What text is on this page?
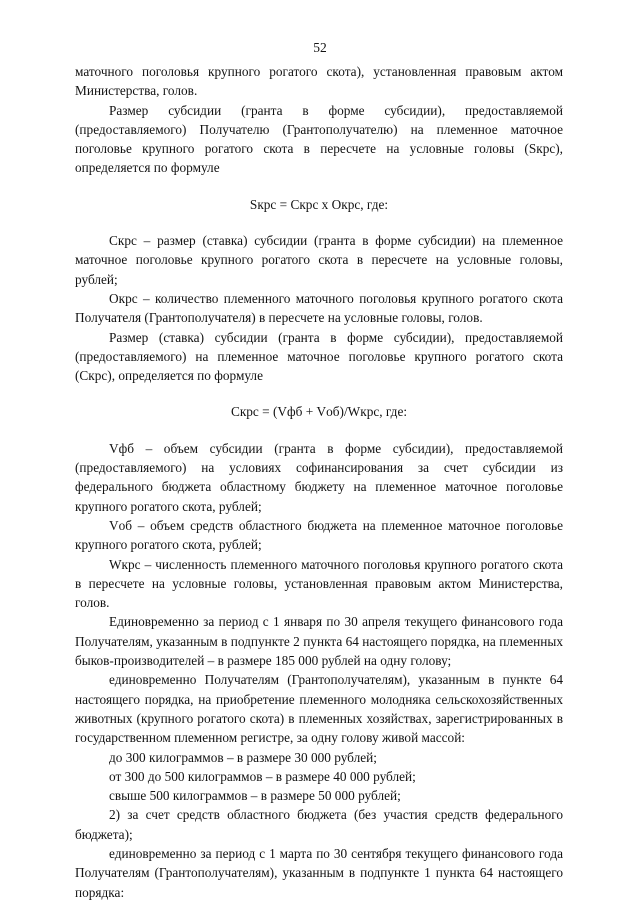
52

маточного поголовья крупного рогатого скота), установленная правовым актом Министерства, голов.

Размер субсидии (гранта в форме субсидии), предоставляемой (предоставляемого) Получателю (Грантополучателю) на племенное маточное поголовье крупного рогатого скота в пересчете на условные головы (Sкрс), определяется по формуле

Sкрс = Скрс х Окрс, где:

Скрс – размер (ставка) субсидии (гранта в форме субсидии) на племенное маточное поголовье крупного рогатого скота в пересчете на условные головы, рублей;

Окрс – количество племенного маточного поголовья крупного рогатого скота Получателя (Грантополучателя) в пересчете на условные головы, голов.

Размер (ставка) субсидии (гранта в форме субсидии), предоставляемой (предоставляемого) на племенное маточное поголовье крупного рогатого скота (Скрс), определяется по формуле

Скрс = (Vфб + Vоб)/Wкрс, где:

Vфб – объем субсидии (гранта в форме субсидии), предоставляемой (предоставляемого) на условиях софинансирования за счет субсидии из федерального бюджета областному бюджету на племенное маточное поголовье крупного рогатого скота, рублей;

Vоб – объем средств областного бюджета на племенное маточное поголовье крупного рогатого скота, рублей;

Wкрс – численность племенного маточного поголовья крупного рогатого скота в пересчете на условные головы, установленная правовым актом Министерства, голов.

Единовременно за период с 1 января по 30 апреля текущего финансового года Получателям, указанным в подпункте 2 пункта 64 настоящего порядка, на племенных быков-производителей – в размере 185 000 рублей на одну голову;

единовременно Получателям (Грантополучателям), указанным в пункте 64 настоящего порядка, на приобретение племенного молодняка сельскохозяйственных животных (крупного рогатого скота) в племенных хозяйствах, зарегистрированных в государственном племенном регистре, за одну голову живой массой:

до 300 килограммов – в размере 30 000 рублей;

от 300 до 500 килограммов – в размере 40 000 рублей;

свыше 500 килограммов – в размере 50 000 рублей;

2) за счет средств областного бюджета (без участия средств федерального бюджета);

единовременно за период с 1 марта по 30 сентября текущего финансового года Получателям (Грантополучателям), указанным в подпункте 1 пункта 64 настоящего порядка:
